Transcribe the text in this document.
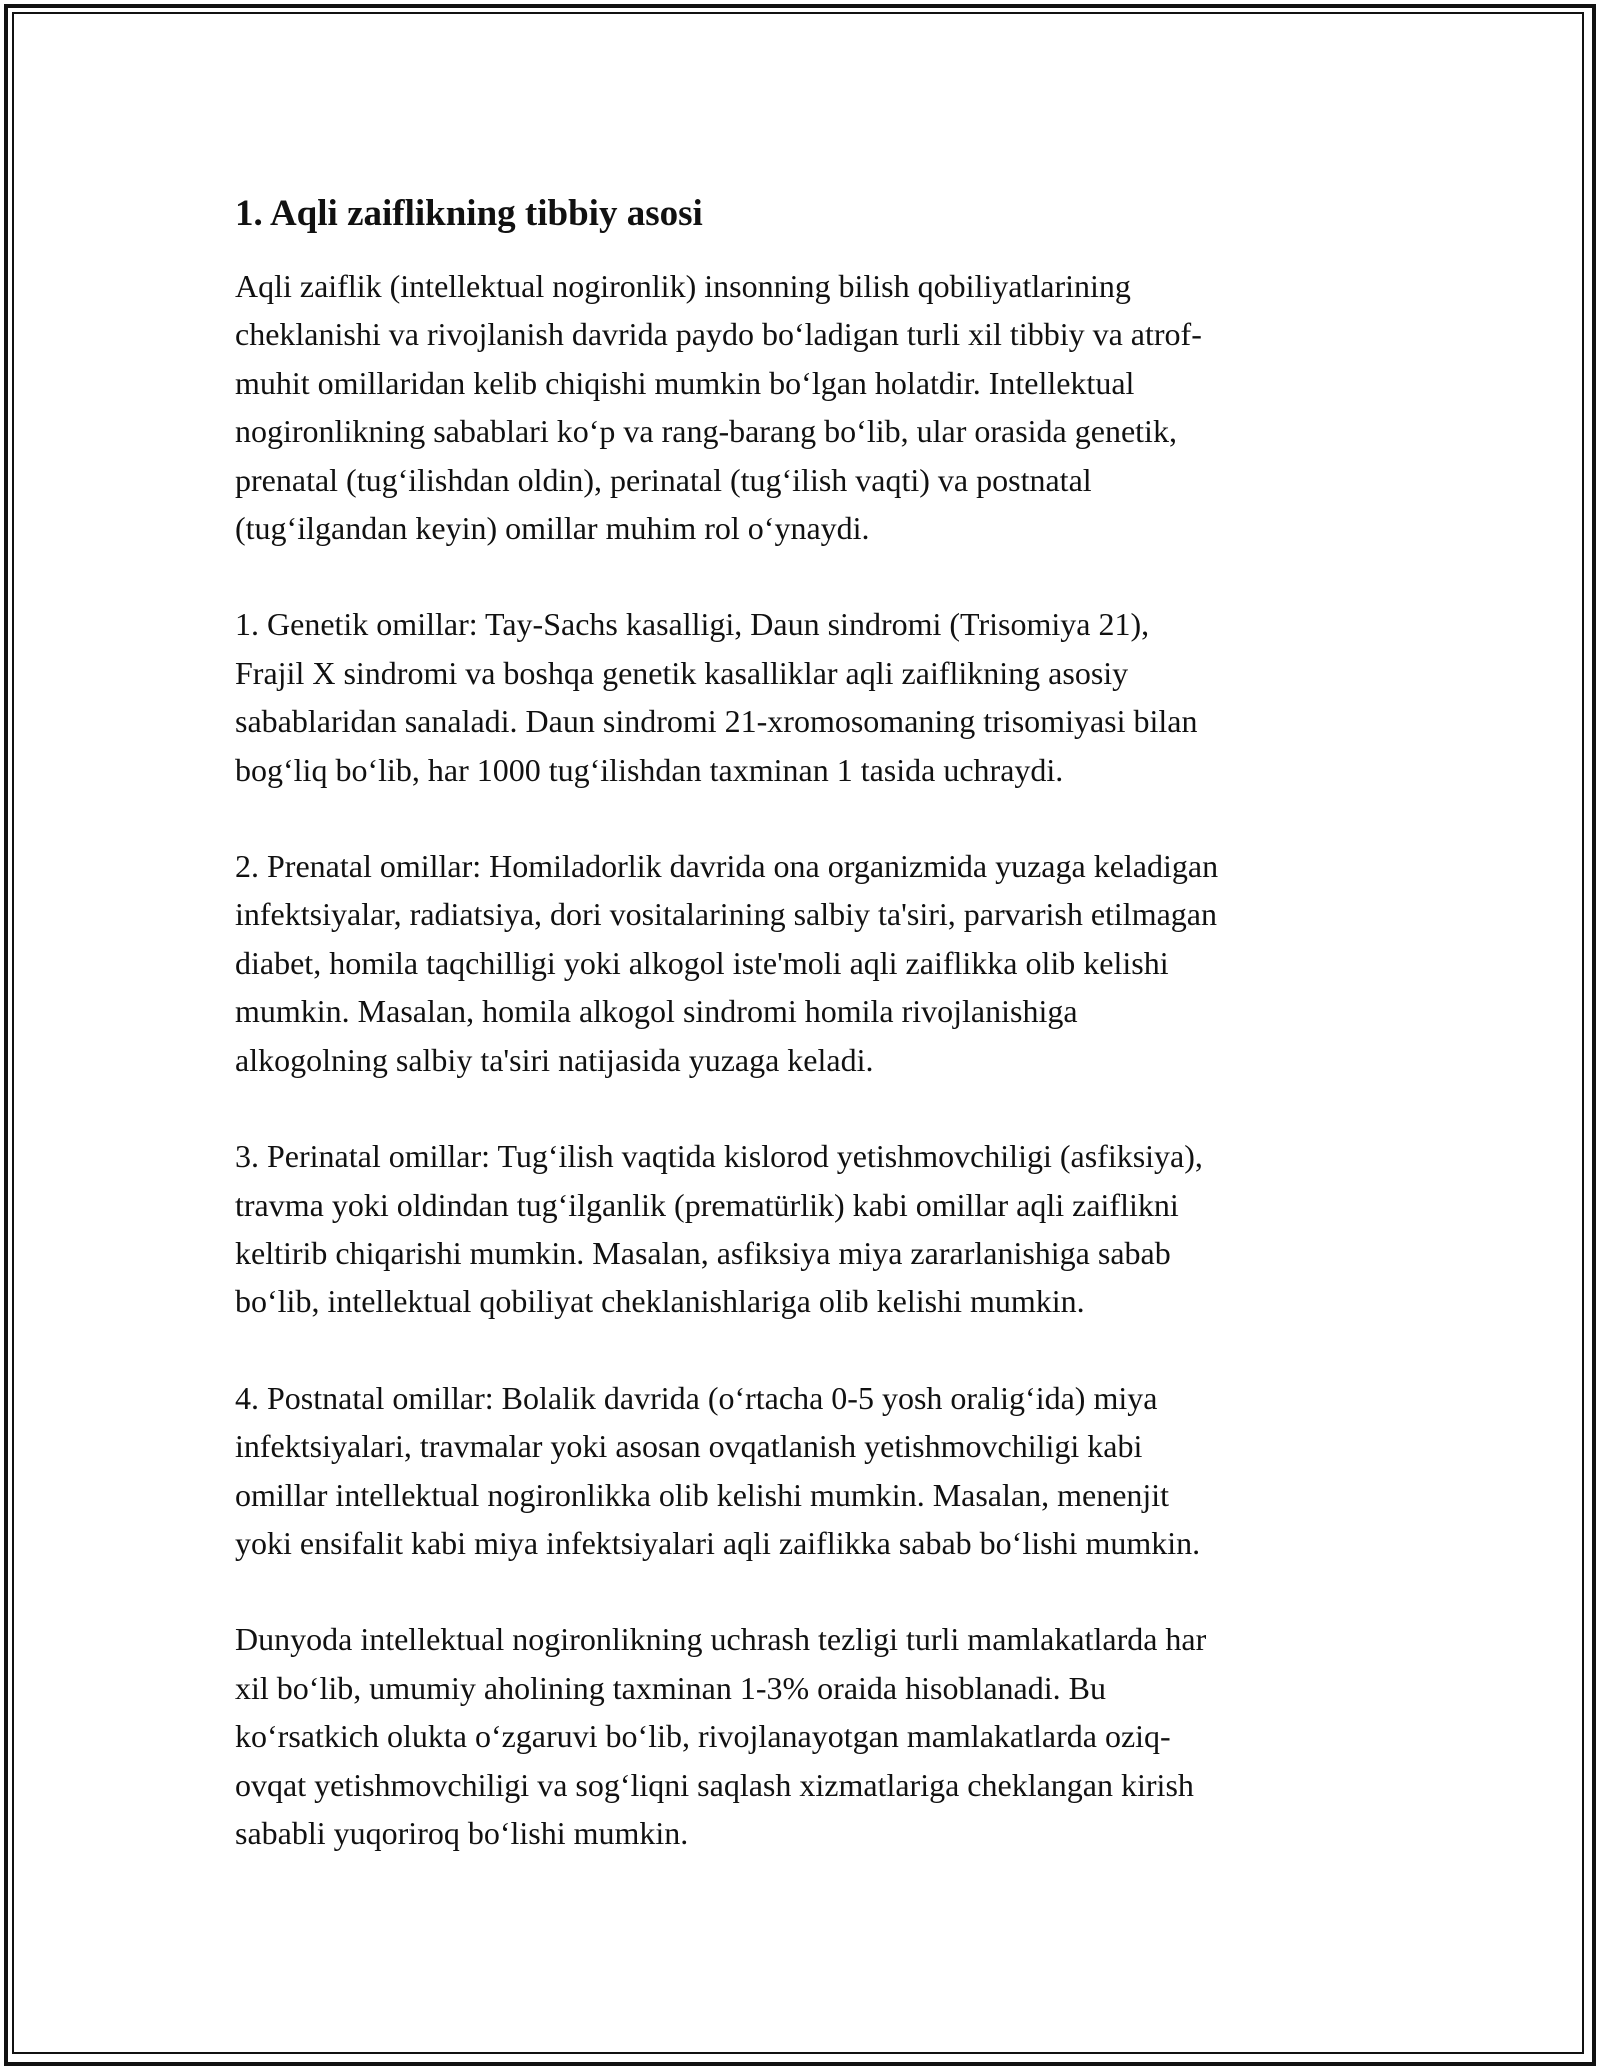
1. Aqli zaiflikning tibbiy asosi

Aqli zaiflik (intellektual nogironlik) insonning bilish qobiliyatlarining
cheklanishi va rivojlanish davrida paydo bo‘ladigan turli xil tibbiy va atrof-
muhit omillaridan kelib chiqishi mumkin bo‘lgan holatdir. Intellektual
nogironlikning sabablari ko‘p va rang-barang bo‘lib, ular orasida genetik,
prenatal (tug‘ilishdan oldin), perinatal (tug‘ilish vaqti) va postnatal
(tug‘ilgandan keyin) omillar muhim rol o‘ynaydi.

1. Genetik omillar: Tay-Sachs kasalligi, Daun sindromi (Trisomiya 21),
Frajil X sindromi va boshqa genetik kasalliklar aqli zaiflikning asosiy
sabablaridan sanaladi. Daun sindromi 21-xromosomaning trisomiyasi bilan
bog‘liq bo‘lib, har 1000 tug‘ilishdan taxminan 1 tasida uchraydi.

2. Prenatal omillar: Homiladorlik davrida ona organizmida yuzaga keladigan
infektsiyalar, radiatsiya, dori vositalarining salbiy ta'siri, parvarish etilmagan
diabet, homila taqchilligi yoki alkogol iste'moli aqli zaiflikka olib kelishi
mumkin. Masalan, homila alkogol sindromi homila rivojlanishiga
alkogolning salbiy ta'siri natijasida yuzaga keladi.

3. Perinatal omillar: Tug‘ilish vaqtida kislorod yetishmovchiligi (asfiksiya),
travma yoki oldindan tug‘ilganlik (prematürlik) kabi omillar aqli zaiflikni
keltirib chiqarishi mumkin. Masalan, asfiksiya miya zararlanishiga sabab
bo‘lib, intellektual qobiliyat cheklanishlariga olib kelishi mumkin.

4. Postnatal omillar: Bolalik davrida (o‘rtacha 0-5 yosh oralig‘ida) miya
infektsiyalari, travmalar yoki asosan ovqatlanish yetishmovchiligi kabi
omillar intellektual nogironlikka olib kelishi mumkin. Masalan, menenjit
yoki ensifalit kabi miya infektsiyalari aqli zaiflikka sabab bo‘lishi mumkin.

Dunyoda intellektual nogironlikning uchrash tezligi turli mamlakatlarda har
xil bo‘lib, umumiy aholining taxminan 1-3% oraida hisoblanadi. Bu
ko‘rsatkich olukta o‘zgaruvi bo‘lib, rivojlanayotgan mamlakatlarda oziq-
ovqat yetishmovchiligi va sog‘liqni saqlash xizmatlariga cheklangan kirish
sababli yuqoriroq bo‘lishi mumkin.
